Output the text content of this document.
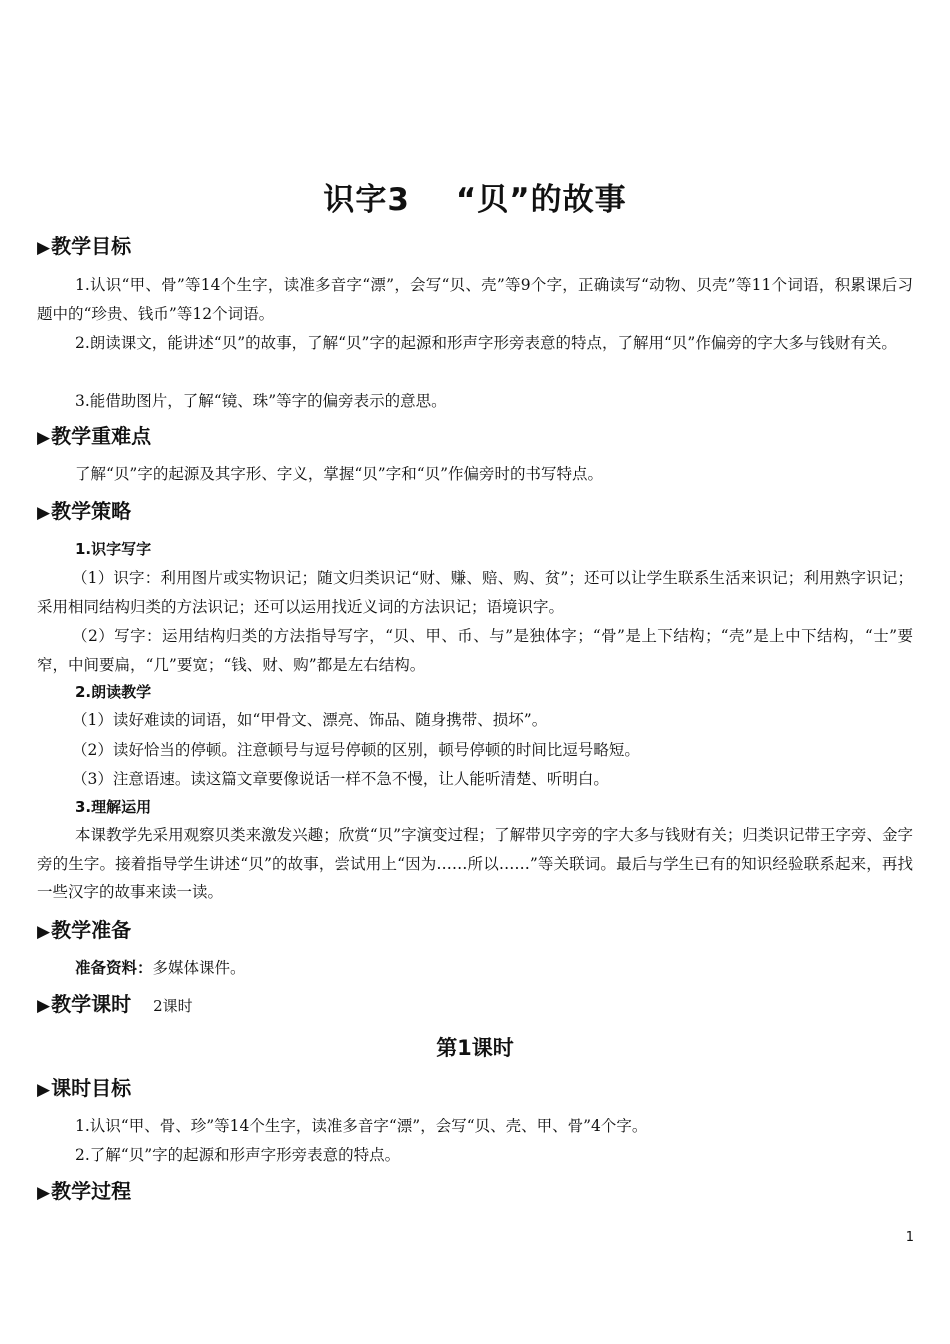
识字3 “贝”的故事
▶教学目标
1.认识“甲、骨”等14个生字，读准多音字“漂”，会写“贝、壳”等9个字，正确读写“动物、贝壳”等11个词语，积累课后习题中的“珍贵、钱币”等12个词语。
2.朗读课文，能讲述“贝”的故事，了解“贝”字的起源和形声字形旁表意的特点，了解用“贝”作偏旁的字大多与钱财有关。
3.能借助图片，了解“镜、珠”等字的偏旁表示的意思。
▶教学重难点
了解“贝”字的起源及其字形、字义，掌握“贝”字和“贝”作偏旁时的书写特点。
▶教学策略
1.识字写字
（1）识字：利用图片或实物识记；随文归类识记“财、赚、赔、购、贫”；还可以让学生联系生活来识记；利用熟字识记；采用相同结构归类的方法识记；还可以运用找近义词的方法识记；语境识字。
（2）写字：运用结构归类的方法指导写字，“贝、甲、币、与”是独体字；“骨”是上下结构；“壳”是上中下结构，“士”要窄，中间要扁，“几”要宽；“钱、财、购”都是左右结构。
2.朗读教学
（1）读好难读的词语，如“甲骨文、漂亮、饰品、随身携带、损坏”。
（2）读好恰当的停顿。注意顿号与逗号停顿的区别，顿号停顿的时间比逗号略短。
（3）注意语速。读这篇文章要像说话一样不急不慢，让人能听清楚、听明白。
3.理解运用
本课教学先采用观察贝类来激发兴趣；欣赏“贝”字演变过程；了解带贝字旁的字大多与钱财有关；归类识记带王字旁、金字旁的生字。接着指导学生讲述“贝”的故事，尝试用上“因为……所以……”等关联词。最后与学生已有的知识经验联系起来，再找一些汉字的故事来读一读。
▶教学准备
准备资料：多媒体课件。
▶教学课时 2课时
第1课时
▶课时目标
1.认识“甲、骨、珍”等14个生字，读准多音字“漂”，会写“贝、壳、甲、骨”4个字。
2.了解“贝”字的起源和形声字形旁表意的特点。
▶教学过程
1
